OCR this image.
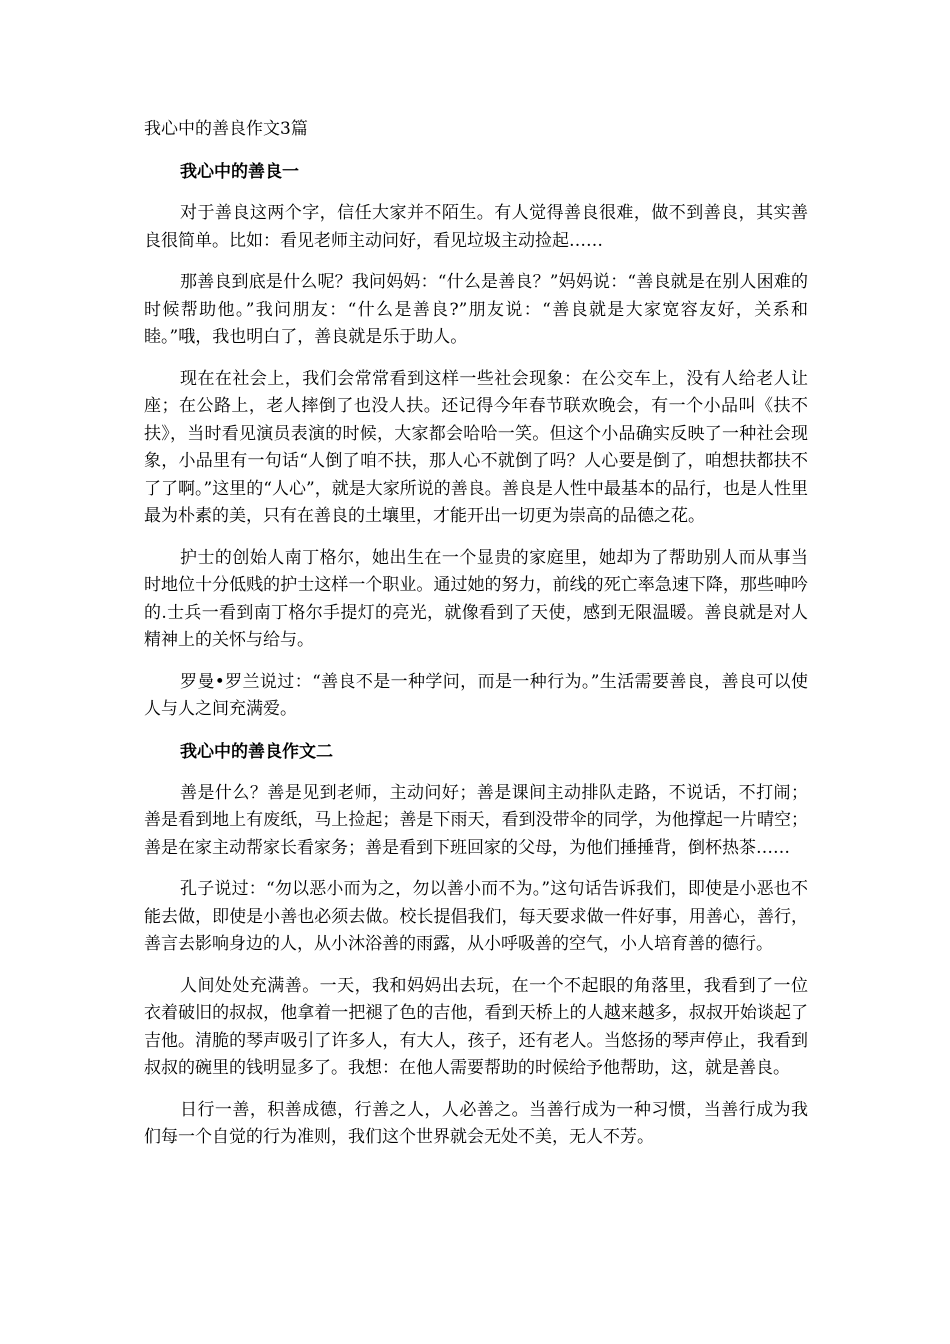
我心中的善良作文3篇
我心中的善良一

对于善良这两个字，信任大家并不陌生。有人觉得善良很难，做不到善良，其实善良很简单。比如：看见老师主动问好，看见垃圾主动捡起……

那善良到底是什么呢？我问妈妈：“什么是善良？”妈妈说：“善良就是在别人困难的时候帮助他。”我问朋友：“什么是善良?”朋友说：“善良就是大家宽容友好，关系和睦。”哦，我也明白了，善良就是乐于助人。

现在在社会上，我们会常常看到这样一些社会现象：在公交车上，没有人给老人让座；在公路上，老人摔倒了也没人扶。还记得今年春节联欢晚会，有一个小品叫《扶不扶》，当时看见演员表演的时候，大家都会哈哈一笑。但这个小品确实反映了一种社会现象，小品里有一句话“人倒了咱不扶，那人心不就倒了吗？人心要是倒了，咱想扶都扶不了了啊。”这里的“人心”，就是大家所说的善良。善良是人性中最基本的品行，也是人性里最为朴素的美，只有在善良的土壤里，才能开出一切更为崇高的品德之花。

护士的创始人南丁格尔，她出生在一个显贵的家庭里，她却为了帮助别人而从事当时地位十分低贱的护士这样一个职业。通过她的努力，前线的死亡率急速下降，那些呻吟的.士兵一看到南丁格尔手提灯的亮光，就像看到了天使，感到无限温暖。善良就是对人精神上的关怀与给与。

罗曼•罗兰说过：“善良不是一种学问，而是一种行为。”生活需要善良，善良可以使人与人之间充满爱。

我心中的善良作文二

善是什么？善是见到老师，主动问好；善是课间主动排队走路，不说话，不打闹；善是看到地上有废纸，马上捡起；善是下雨天，看到没带伞的同学，为他撑起一片晴空；善是在家主动帮家长看家务；善是看到下班回家的父母，为他们捶捶背，倒杯热茶……

孔子说过：“勿以恶小而为之，勿以善小而不为。”这句话告诉我们，即使是小恶也不能去做，即使是小善也必须去做。校长提倡我们，每天要求做一件好事，用善心，善行，善言去影响身边的人，从小沐浴善的雨露，从小呼吸善的空气，小人培育善的德行。

人间处处充满善。一天，我和妈妈出去玩，在一个不起眼的角落里，我看到了一位衣着破旧的叔叔，他拿着一把褪了色的吉他，看到天桥上的人越来越多，叔叔开始谈起了吉他。清脆的琴声吸引了许多人，有大人，孩子，还有老人。当悠扬的琴声停止，我看到叔叔的碗里的钱明显多了。我想：在他人需要帮助的时候给予他帮助，这，就是善良。

日行一善，积善成德，行善之人，人必善之。当善行成为一种习惯，当善行成为我们每一个自觉的行为准则，我们这个世界就会无处不美，无人不芳。
